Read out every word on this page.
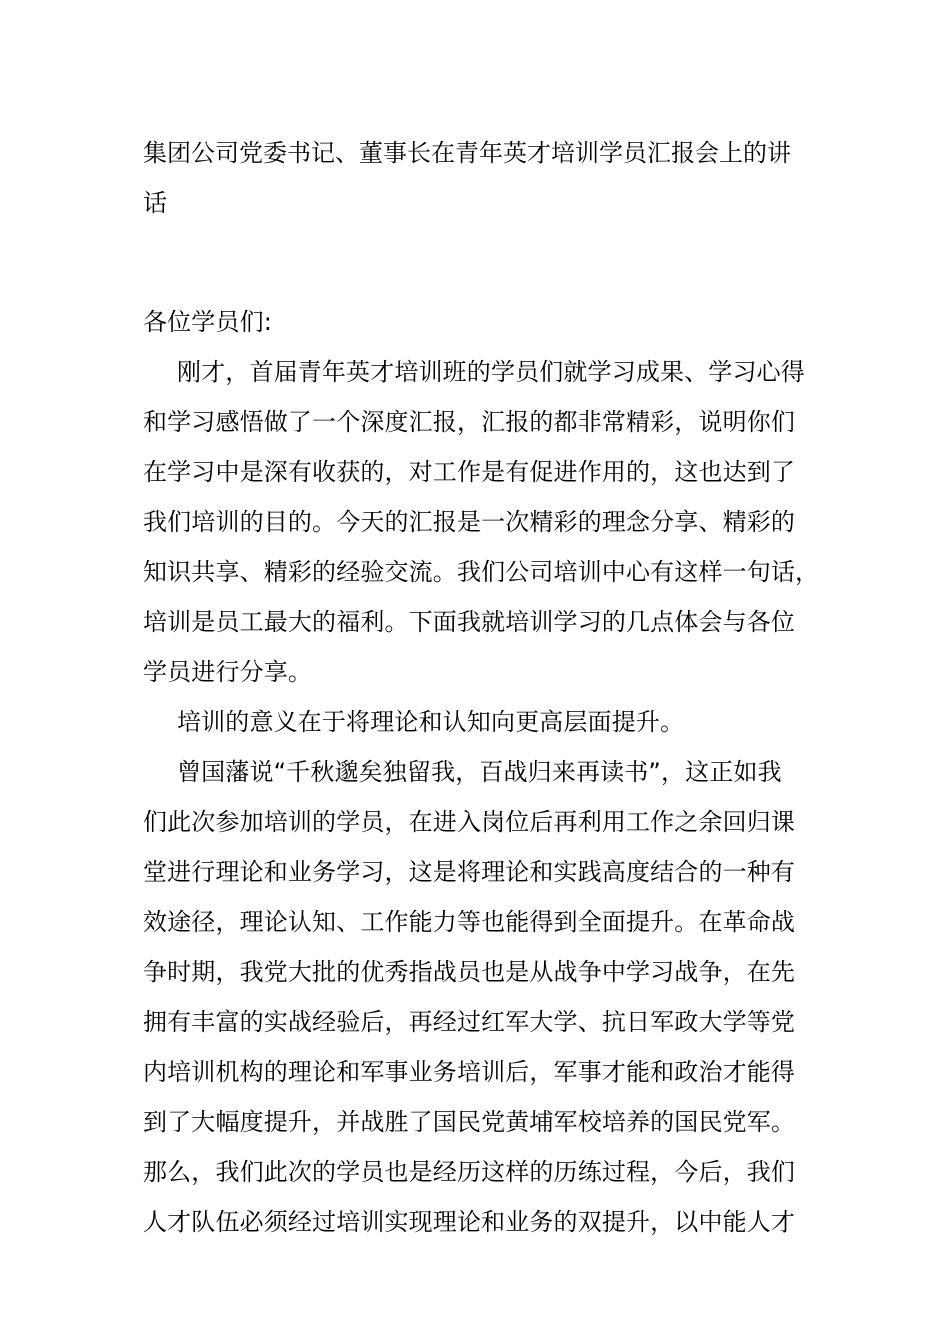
集团公司党委书记、董事长在青年英才培训学员汇报会上的讲
话
各位学员们:
刚才，首届青年英才培训班的学员们就学习成果、学习心得
和学习感悟做了一个深度汇报，汇报的都非常精彩，说明你们
在学习中是深有收获的，对工作是有促进作用的，这也达到了
我们培训的目的。今天的汇报是一次精彩的理念分享、精彩的
知识共享、精彩的经验交流。我们公司培训中心有这样一句话，
培训是员工最大的福利。下面我就培训学习的几点体会与各位
学员进行分享。
培训的意义在于将理论和认知向更高层面提升。
曾国藩说“千秋邈矣独留我，百战归来再读书”，这正如我
们此次参加培训的学员，在进入岗位后再利用工作之余回归课
堂进行理论和业务学习，这是将理论和实践高度结合的一种有
效途径，理论认知、工作能力等也能得到全面提升。在革命战
争时期，我党大批的优秀指战员也是从战争中学习战争，在先
拥有丰富的实战经验后，再经过红军大学、抗日军政大学等党
内培训机构的理论和军事业务培训后，军事才能和政治才能得
到了大幅度提升，并战胜了国民党黄埔军校培养的国民党军。
那么，我们此次的学员也是经历这样的历练过程，今后，我们
人才队伍必须经过培训实现理论和业务的双提升，以中能人才
